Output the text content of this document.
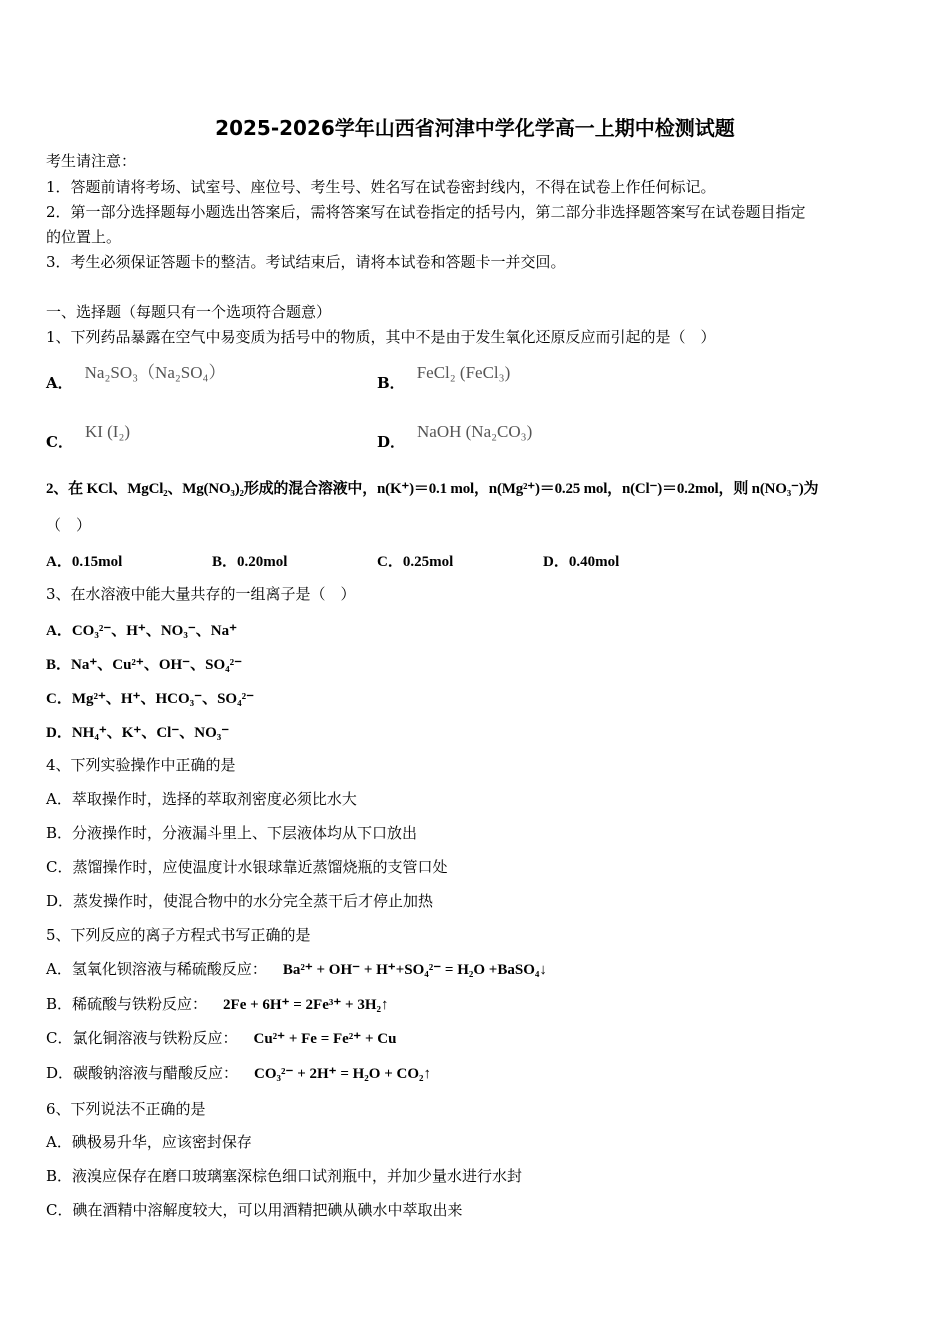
2025-2026学年山西省河津中学化学高一上期中检测试题
考生请注意：
1．答题前请将考场、试室号、座位号、考生号、姓名写在试卷密封线内，不得在试卷上作任何标记。
2．第一部分选择题每小题选出答案后，需将答案写在试卷指定的括号内，第二部分非选择题答案写在试卷题目指定
的位置上。
3．考生必须保证答题卡的整洁。考试结束后，请将本试卷和答题卡一并交回。
一、选择题（每题只有一个选项符合题意）
1、下列药品暴露在空气中易变质为括号中的物质，其中不是由于发生氧化还原反应而引起的是（　）
A．Na₂SO₃（Na₂SO₄）
B．FeCl₂ (FeCl₃)
C．KI (I₂)
D．NaOH (Na₂CO₃)
2、在 KCl、MgCl₂、Mg(NO₃)₂形成的混合溶液中，n(K⁺)＝0.1 mol，n(Mg²⁺)＝0.25 mol，n(Cl⁻)＝0.2mol，则 n(NO₃⁻)为
（　）
A．0.15mol	B．0.20mol	C．0.25mol	D．0.40mol
3、在水溶液中能大量共存的一组离子是（　）
A．CO₃²⁻、H⁺、NO₃⁻、Na⁺
B．Na⁺、Cu²⁺、OH⁻、SO₄²⁻
C．Mg²⁺、H⁺、HCO₃⁻、SO₄²⁻
D．NH₄⁺、K⁺、Cl⁻、NO₃⁻
4、下列实验操作中正确的是
A．萃取操作时，选择的萃取剂密度必须比水大
B．分液操作时，分液漏斗里上、下层液体均从下口放出
C．蒸馏操作时，应使温度计水银球靠近蒸馏烧瓶的支管口处
D．蒸发操作时，使混合物中的水分完全蒸干后才停止加热
5、下列反应的离子方程式书写正确的是
A．氢氧化钡溶液与稀硫酸反应： Ba²⁺ + OH⁻ + H⁺+SO₄²⁻ = H₂O +BaSO₄↓
B．稀硫酸与铁粉反应： 2Fe + 6H⁺ = 2Fe³⁺ + 3H₂↑
C．氯化铜溶液与铁粉反应： Cu²⁺ + Fe = Fe²⁺ + Cu
D．碳酸钠溶液与醋酸反应： CO₃²⁻ + 2H⁺ = H₂O + CO₂↑
6、下列说法不正确的是
A．碘极易升华，应该密封保存
B．液溴应保存在磨口玻璃塞深棕色细口试剂瓶中，并加少量水进行水封
C．碘在酒精中溶解度较大，可以用酒精把碘从碘水中萃取出来
